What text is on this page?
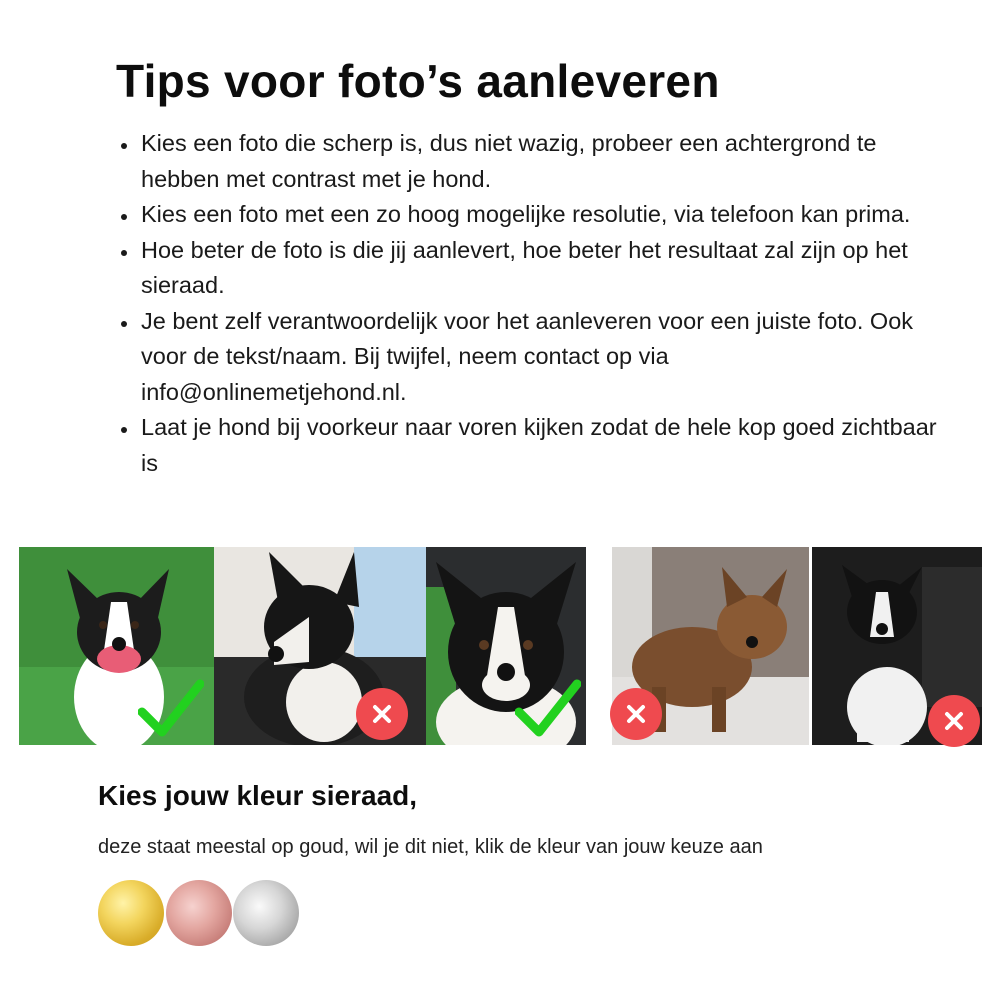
Tips voor foto’s aanleveren
• Kies een foto die scherp is, dus niet wazig, probeer een achtergrond te hebben met contrast met je hond.
• Kies een foto met een zo hoog mogelijke resolutie, via telefoon kan prima.
• Hoe beter de foto is die jij aanlevert, hoe beter het resultaat zal zijn op het sieraad.
• Je bent zelf verantwoordelijk voor het aanleveren voor een juiste foto. Ook voor de tekst/naam. Bij twijfel, neem contact op via info@onlinemetjehond.nl.
• Laat je hond bij voorkeur naar voren kijken zodat de hele kop goed zichtbaar is
Kies jouw kleur sieraad,

deze staat meestal op goud, wil je dit niet, klik de kleur van jouw keuze aan
